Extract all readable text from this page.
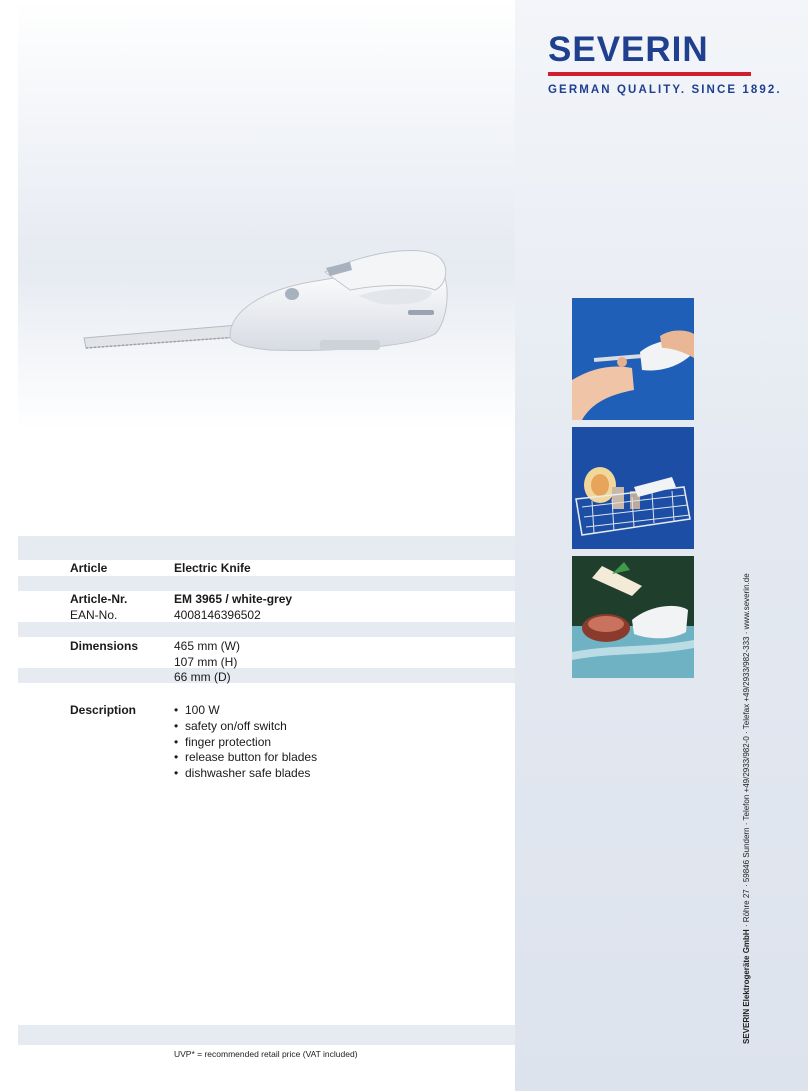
SEVERIN
GERMAN QUALITY. SINCE 1892.
Article	Electric Knife
Article-Nr.	EM 3965 / white-grey
EAN-No.	4008146396502
Dimensions	465 mm (W)
107 mm (H)
66 mm (D)
Description
•	100 W
• safety on/off switch
• finger protection
• release button for blades
• dishwasher safe blades
UVP* = recommended retail price (VAT included)
SEVERIN Elektrogeräte GmbH · Röhre 27 · 59846 Sundern · Telefon +49/2933/982-0 · Telefax +49/2933/982-333 · www.severin.de
